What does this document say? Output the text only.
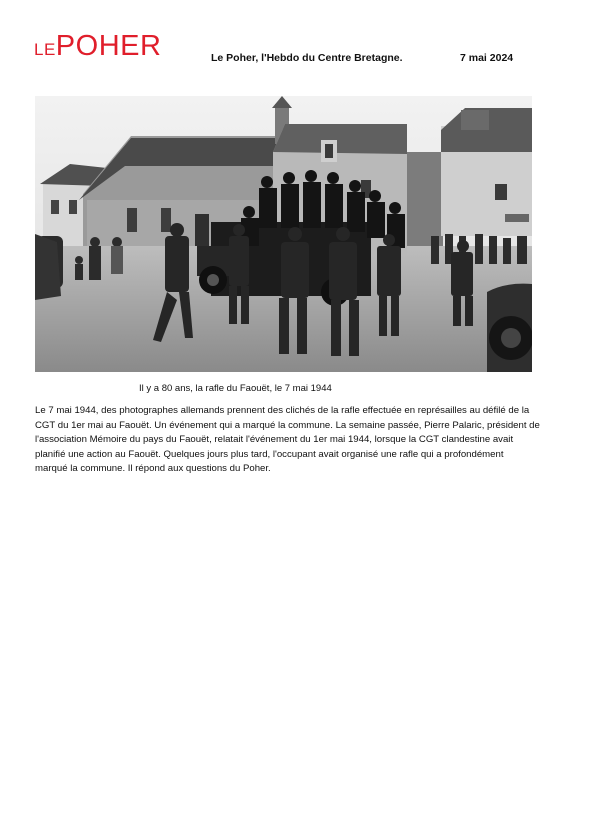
LEPOHER	Le Poher, l'Hebdo du Centre Bretagne.	7 mai 2024
Il y a 80 ans, la rafle du Faouët, le 7 mai 1944
Le 7 mai 1944, des photographes allemands prennent des clichés de la rafle effectuée en représailles au défilé de la
CGT du 1er mai au Faouët. Un événement qui a marqué la commune. La semaine passée, Pierre Palaric, président de
l'association Mémoire du pays du Faouët, relatait l'événement du 1er mai 1944, lorsque la CGT clandestine avait
planifié une action au Faouët. Quelques jours plus tard, l'occupant avait organisé une rafle qui a profondément
marqué la commune. Il répond aux questions du Poher.
